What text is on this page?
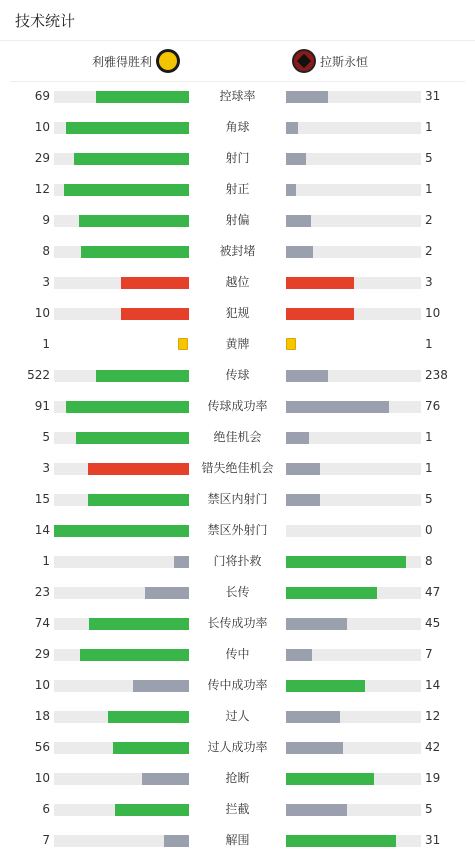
技术统计
利雅得胜利	拉斯永恒
69	控球率	31
10	角球	1
29	射门	5
12	射正	1
9	射偏	2
8	被封堵	2
3	越位	3
10	犯规	10
1	黄牌	1
522	传球	238
91	传球成功率	76
5	绝佳机会	1
3	错失绝佳机会	1
15	禁区内射门	5
14	禁区外射门	0
1	门将扑救	8
23	长传	47
74	长传成功率	45
29	传中	7
10	传中成功率	14
18	过人	12
56	过人成功率	42
10	抢断	19
6	拦截	5
7	解围	31
